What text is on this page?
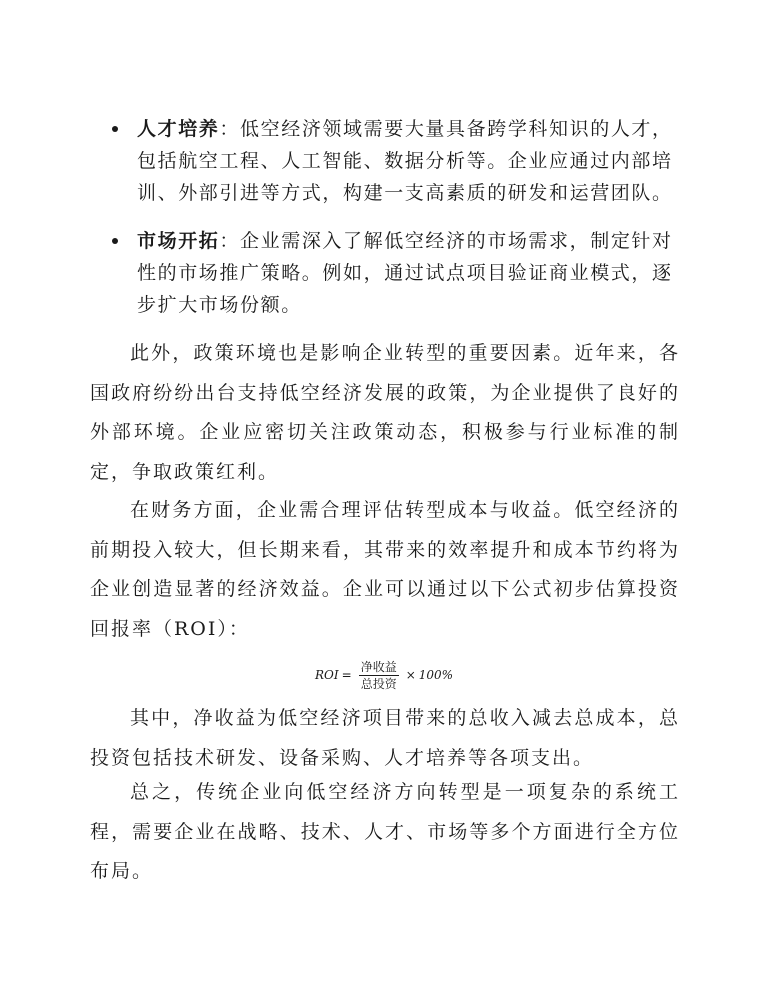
人才培养：低空经济领域需要大量具备跨学科知识的人才，包括航空工程、人工智能、数据分析等。企业应通过内部培训、外部引进等方式，构建一支高素质的研发和运营团队。
市场开拓：企业需深入了解低空经济的市场需求，制定针对性的市场推广策略。例如，通过试点项目验证商业模式，逐步扩大市场份额。

此外，政策环境也是影响企业转型的重要因素。近年来，各国政府纷纷出台支持低空经济发展的政策，为企业提供了良好的外部环境。企业应密切关注政策动态，积极参与行业标准的制定，争取政策红利。

在财务方面，企业需合理评估转型成本与收益。低空经济的前期投入较大，但长期来看，其带来的效率提升和成本节约将为企业创造显著的经济效益。企业可以通过以下公式初步估算投资回报率（ROI）：

ROI = $\frac{\text{净收益}}{\text{总投资}} \times 100\%$

其中，净收益为低空经济项目带来的总收入减去总成本，总投资包括技术研发、设备采购、人才培养等各项支出。

总之，传统企业向低空经济方向转型是一项复杂的系统工程，需要企业在战略、技术、人才、市场等多个方面进行全方位布局。
